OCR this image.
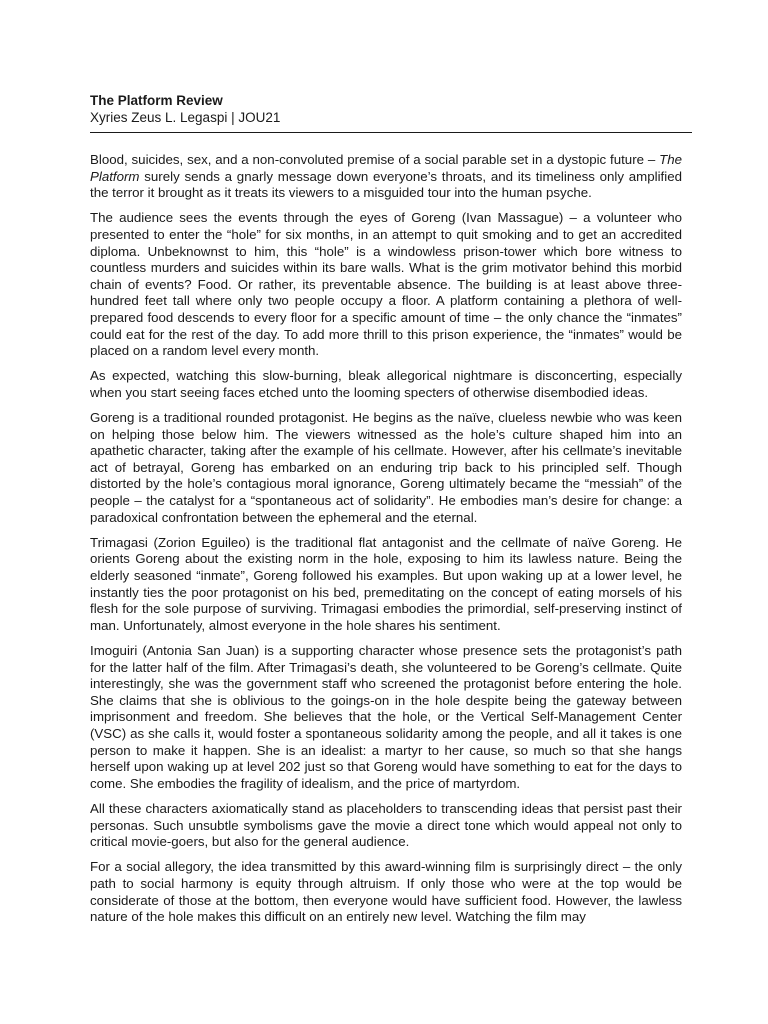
The Platform Review

Xyries Zeus L. Legaspi | JOU21

Blood, suicides, sex, and a non-convoluted premise of a social parable set in a dystopic future – The Platform surely sends a gnarly message down everyone’s throats, and its timeliness only amplified the terror it brought as it treats its viewers to a misguided tour into the human psyche.

The audience sees the events through the eyes of Goreng (Ivan Massague) – a volunteer who presented to enter the “hole” for six months, in an attempt to quit smoking and to get an accredited diploma. Unbeknownst to him, this “hole” is a windowless prison-tower which bore witness to countless murders and suicides within its bare walls. What is the grim motivator behind this morbid chain of events? Food. Or rather, its preventable absence. The building is at least above three-hundred feet tall where only two people occupy a floor. A platform containing a plethora of well-prepared food descends to every floor for a specific amount of time – the only chance the “inmates” could eat for the rest of the day. To add more thrill to this prison experience, the “inmates” would be placed on a random level every month.

As expected, watching this slow-burning, bleak allegorical nightmare is disconcerting, especially when you start seeing faces etched unto the looming specters of otherwise disembodied ideas.

Goreng is a traditional rounded protagonist. He begins as the naïve, clueless newbie who was keen on helping those below him. The viewers witnessed as the hole’s culture shaped him into an apathetic character, taking after the example of his cellmate. However, after his cellmate’s inevitable act of betrayal, Goreng has embarked on an enduring trip back to his principled self. Though distorted by the hole’s contagious moral ignorance, Goreng ultimately became the “messiah” of the people – the catalyst for a “spontaneous act of solidarity”. He embodies man’s desire for change: a paradoxical confrontation between the ephemeral and the eternal.

Trimagasi (Zorion Eguileo) is the traditional flat antagonist and the cellmate of naïve Goreng. He orients Goreng about the existing norm in the hole, exposing to him its lawless nature. Being the elderly seasoned “inmate”, Goreng followed his examples. But upon waking up at a lower level, he instantly ties the poor protagonist on his bed, premeditating on the concept of eating morsels of his flesh for the sole purpose of surviving. Trimagasi embodies the primordial, self-preserving instinct of man. Unfortunately, almost everyone in the hole shares his sentiment.

Imoguiri (Antonia San Juan) is a supporting character whose presence sets the protagonist’s path for the latter half of the film. After Trimagasi’s death, she volunteered to be Goreng’s cellmate. Quite interestingly, she was the government staff who screened the protagonist before entering the hole. She claims that she is oblivious to the goings-on in the hole despite being the gateway between imprisonment and freedom. She believes that the hole, or the Vertical Self-Management Center (VSC) as she calls it, would foster a spontaneous solidarity among the people, and all it takes is one person to make it happen. She is an idealist: a martyr to her cause, so much so that she hangs herself upon waking up at level 202 just so that Goreng would have something to eat for the days to come. She embodies the fragility of idealism, and the price of martyrdom.

All these characters axiomatically stand as placeholders to transcending ideas that persist past their personas. Such unsubtle symbolisms gave the movie a direct tone which would appeal not only to critical movie-goers, but also for the general audience.

For a social allegory, the idea transmitted by this award-winning film is surprisingly direct – the only path to social harmony is equity through altruism. If only those who were at the top would be considerate of those at the bottom, then everyone would have sufficient food. However, the lawless nature of the hole makes this difficult on an entirely new level. Watching the film may
